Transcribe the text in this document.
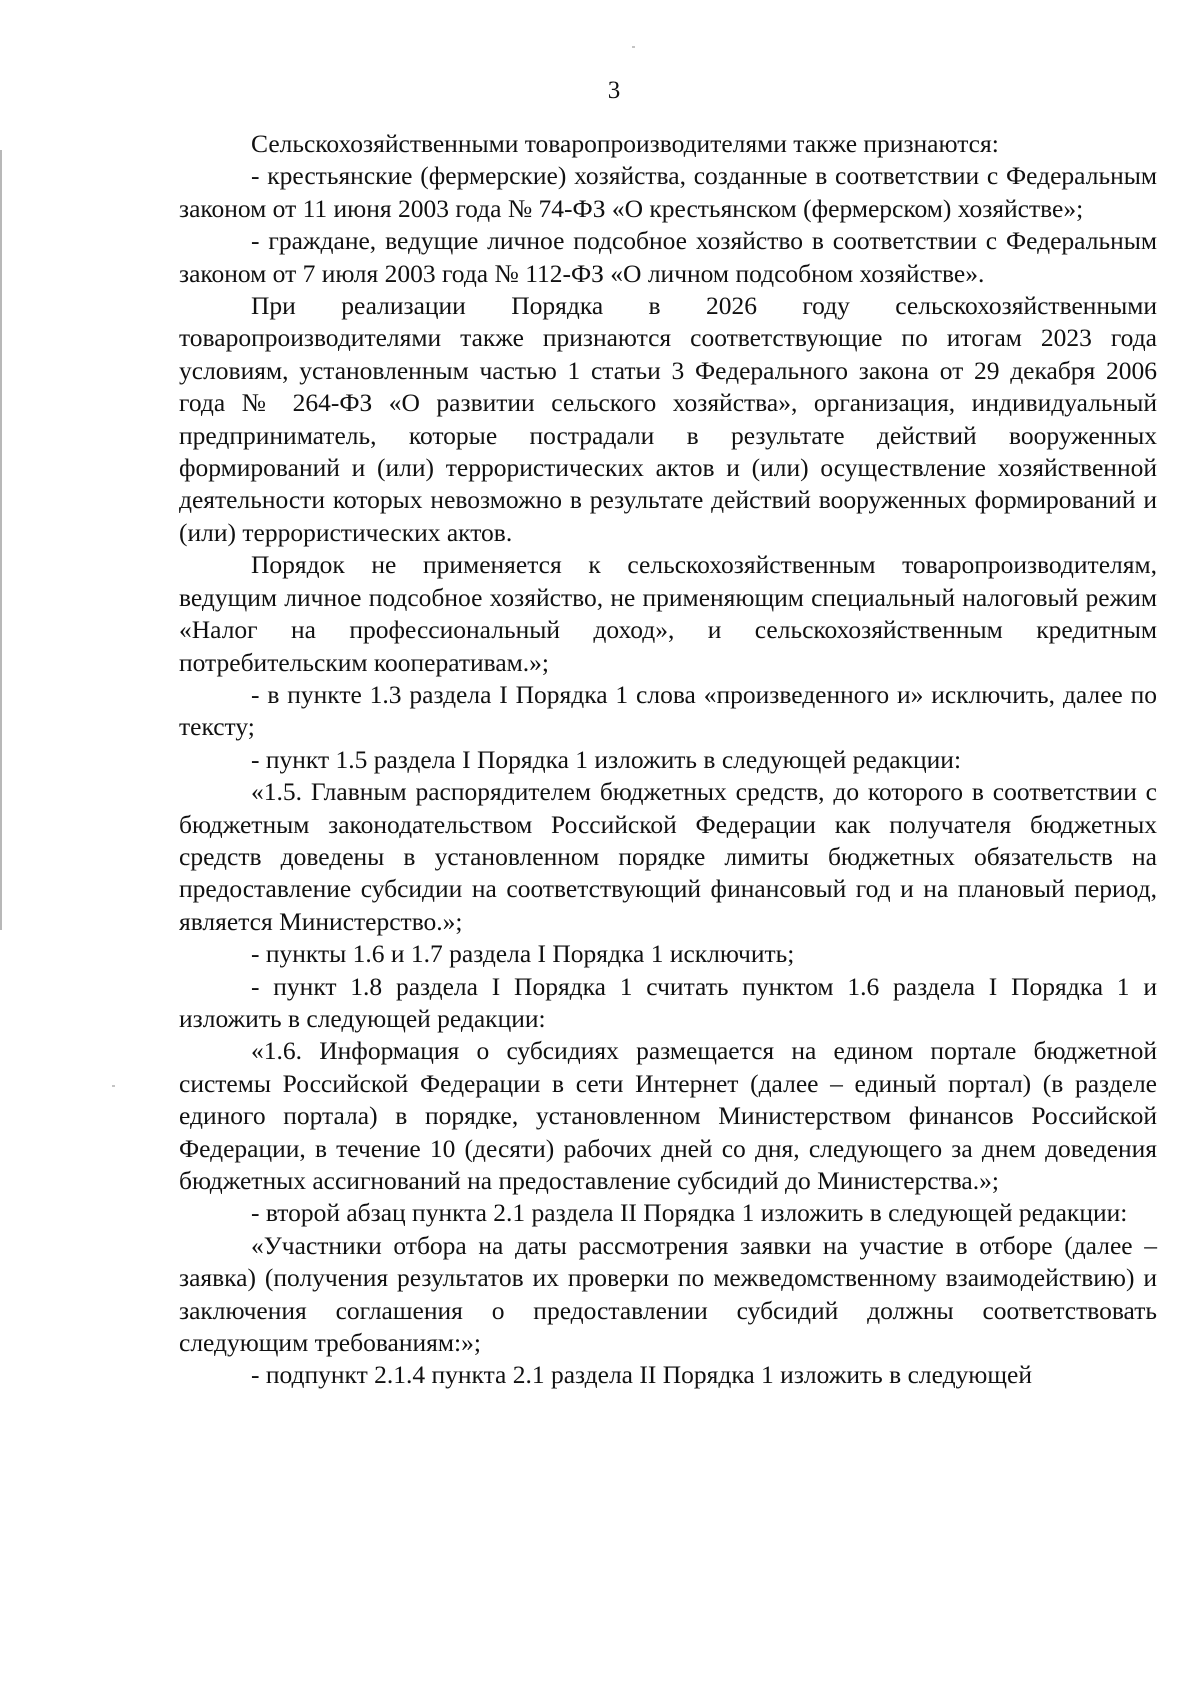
3

Сельскохозяйственными товаропроизводителями также признаются:

- крестьянские (фермерские) хозяйства, созданные в соответствии с Федеральным законом от 11 июня 2003 года № 74-ФЗ «О крестьянском (фермерском) хозяйстве»;

- граждане, ведущие личное подсобное хозяйство в соответствии с Федеральным законом от 7 июля 2003 года № 112-ФЗ «О личном подсобном хозяйстве».

При реализации Порядка в 2026 году сельскохозяйственными товаропроизводителями также признаются соответствующие по итогам 2023 года условиям, установленным частью 1 статьи 3 Федерального закона от 29 декабря 2006 года № 264-ФЗ «О развитии сельского хозяйства», организация, индивидуальный предприниматель, которые пострадали в результате действий вооруженных формирований и (или) террористических актов и (или) осуществление хозяйственной деятельности которых невозможно в результате действий вооруженных формирований и (или) террористических актов.

Порядок не применяется к сельскохозяйственным товаропроизводителям, ведущим личное подсобное хозяйство, не применяющим специальный налоговый режим «Налог на профессиональный доход», и сельскохозяйственным кредитным потребительским кооперативам.»;

- в пункте 1.3 раздела I Порядка 1 слова «произведенного и» исключить, далее по тексту;

- пункт 1.5 раздела I Порядка 1 изложить в следующей редакции:

«1.5. Главным распорядителем бюджетных средств, до которого в соответствии с бюджетным законодательством Российской Федерации как получателя бюджетных средств доведены в установленном порядке лимиты бюджетных обязательств на предоставление субсидии на соответствующий финансовый год и на плановый период, является Министерство.»;

- пункты 1.6 и 1.7 раздела I Порядка 1 исключить;

- пункт 1.8 раздела I Порядка 1 считать пунктом 1.6 раздела I Порядка 1 и изложить в следующей редакции:

«1.6. Информация о субсидиях размещается на едином портале бюджетной системы Российской Федерации в сети Интернет (далее – единый портал) (в разделе единого портала) в порядке, установленном Министерством финансов Российской Федерации, в течение 10 (десяти) рабочих дней со дня, следующего за днем доведения бюджетных ассигнований на предоставление субсидий до Министерства.»;

- второй абзац пункта 2.1 раздела II Порядка 1 изложить в следующей редакции:

«Участники отбора на даты рассмотрения заявки на участие в отборе (далее – заявка) (получения результатов их проверки по межведомственному взаимодействию) и заключения соглашения о предоставлении субсидий должны соответствовать следующим требованиям:»;

- подпункт 2.1.4 пункта 2.1 раздела II Порядка 1 изложить в следующей
